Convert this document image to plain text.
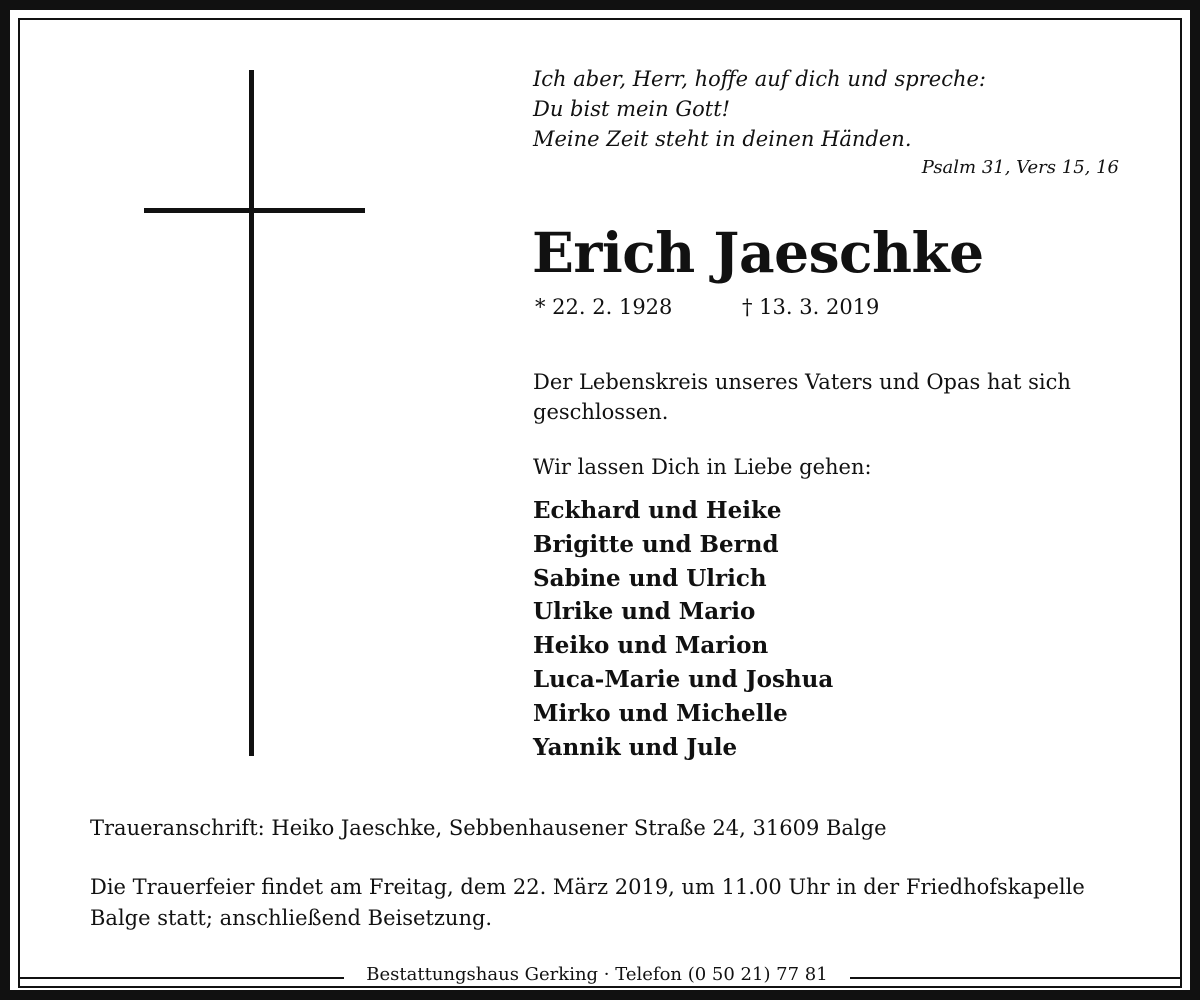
Ich aber, Herr, hoffe auf dich und spreche:
Du bist mein Gott!
Meine Zeit steht in deinen Händen.
Psalm 31, Vers 15, 16
Erich Jaeschke
* 22. 2. 1928	† 13. 3. 2019
Der Lebenskreis unseres Vaters und Opas hat sich geschlossen.
Wir lassen Dich in Liebe gehen:
Eckhard und Heike
Brigitte und Bernd
Sabine und Ulrich
Ulrike und Mario
Heiko und Marion
Luca-Marie und Joshua
Mirko und Michelle
Yannik und Jule
Traueranschrift: Heiko Jaeschke, Sebbenhausener Straße 24, 31609 Balge
Die Trauerfeier findet am Freitag, dem 22. März 2019, um 11.00 Uhr in der Friedhofskapelle Balge statt; anschließend Beisetzung.
Bestattungshaus Gerking · Telefon (0 50 21) 77 81
